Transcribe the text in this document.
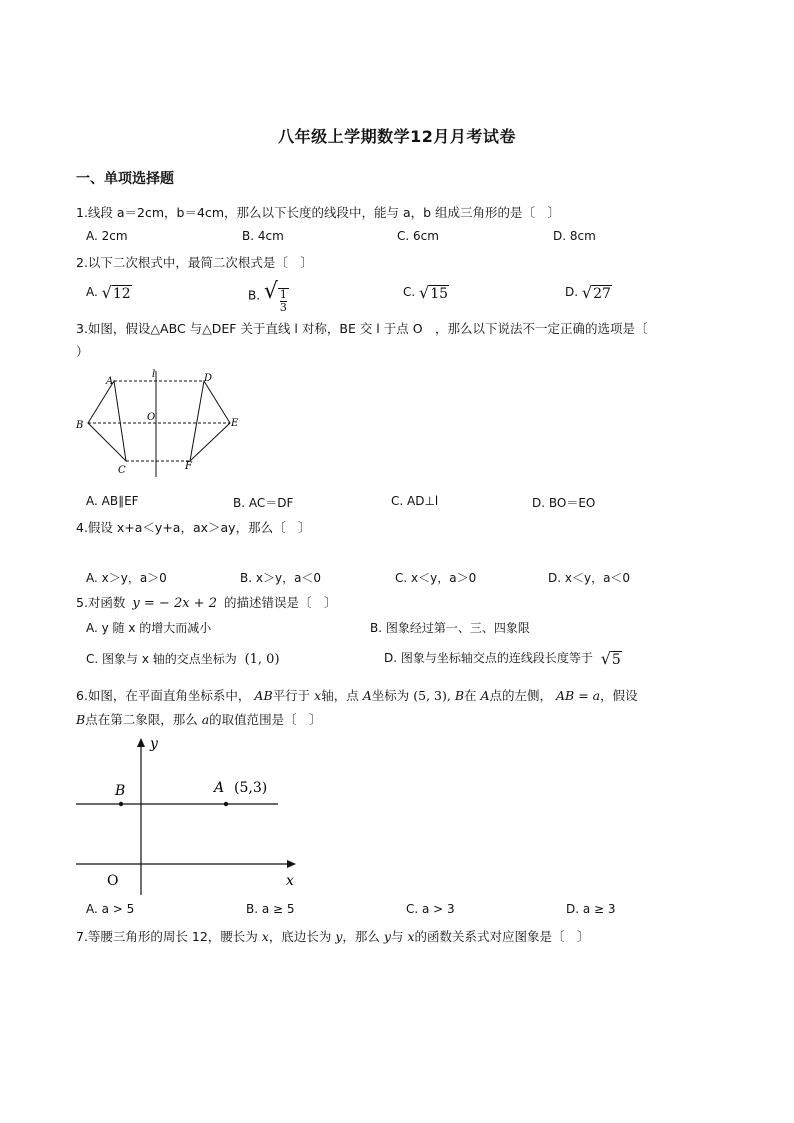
八年级上学期数学12月月考试卷
一、单项选择题
1.线段 a＝2cm，b＝4cm，那么以下长度的线段中，能与 a，b 组成三角形的是〔　〕
A. 2cm	B. 4cm	C. 6cm	D. 8cm
2.以下二次根式中，最简二次根式是〔　〕
A. √12	B. √ $\frac{1}{3}$	C. √15	D. √27
3.如图，假设△ABC 与△DEF 关于直线 l 对称，BE 交 l 于点 O　，那么以下说法不一定正确的选项是〔
）
A
B
C
D
E
F
O
l
A. AB∥EF	B. AC＝DF	C. AD⊥l	D. BO＝EO
4.假设 x+a＜y+a，ax＞ay，那么〔　〕
A. x＞y，a＞0	B. x＞y，a＜0	C. x＜y，a＞0	D. x＜y，a＜0
5.对函数 y = − 2x + 2 的描述错误是〔　〕
A. y 随 x 的增大而减小	B. 图象经过第一、三、四象限
C. 图象与 x 轴的交点坐标为 (1, 0)	D. 图象与坐标轴交点的连线段长度等于 √5
6.如图，在平面直角坐标系中， AB平行于 x轴，点 A坐标为 (5, 3), B在 A点的左侧， AB = a，假设
B点在第二象限，那么 a的取值范围是〔　〕
y
x
O
B	A (5,3)
A. a > 5	B. a ≥ 5	C. a > 3	D. a ≥ 3
7.等腰三角形的周长 12，腰长为 x，底边长为 y，那么 y与 x的函数关系式对应图象是〔　〕
